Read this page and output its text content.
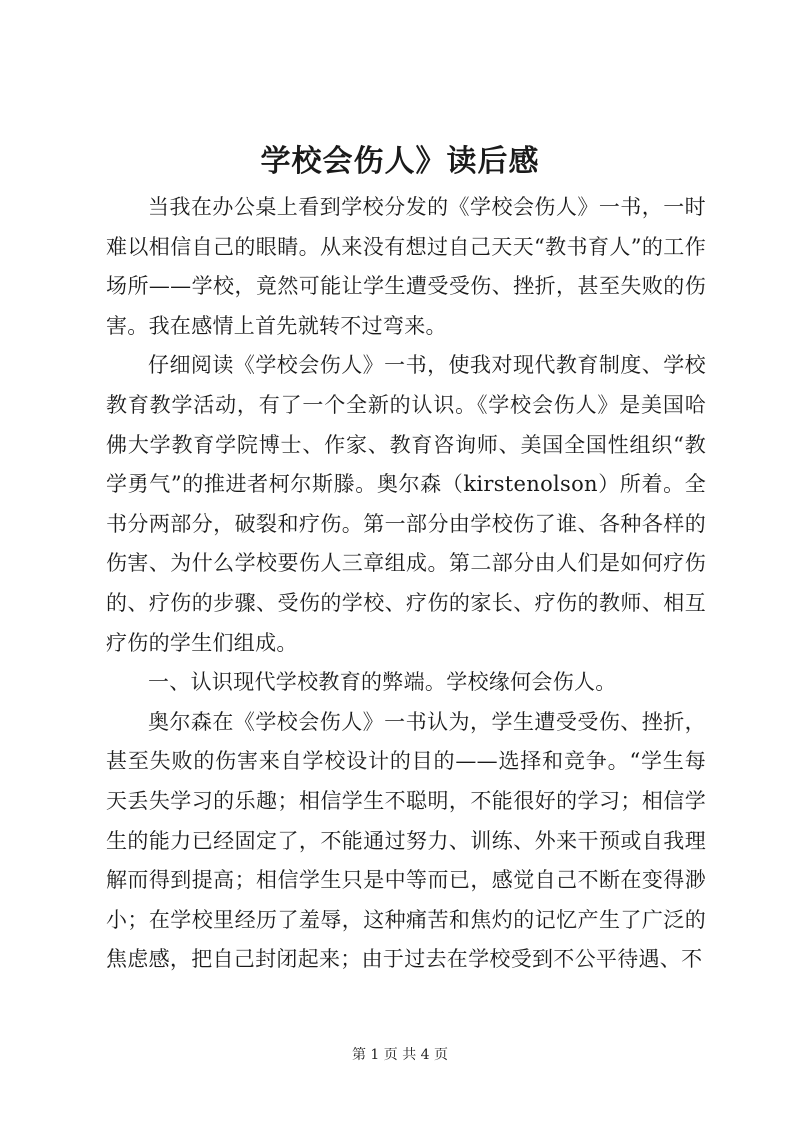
学校会伤人》读后感

当我在办公桌上看到学校分发的《学校会伤人》一书，一时难以相信自己的眼睛。从来没有想过自己天天“教书育人”的工作场所——学校，竟然可能让学生遭受受伤、挫折，甚至失败的伤害。我在感情上首先就转不过弯来。

仔细阅读《学校会伤人》一书，使我对现代教育制度、学校教育教学活动，有了一个全新的认识。《学校会伤人》是美国哈佛大学教育学院博士、作家、教育咨询师、美国全国性组织“教学勇气”的推进者柯尔斯滕。奥尔森（kirstenolson）所着。全书分两部分，破裂和疗伤。第一部分由学校伤了谁、各种各样的伤害、为什么学校要伤人三章组成。第二部分由人们是如何疗伤的、疗伤的步骤、受伤的学校、疗伤的家长、疗伤的教师、相互疗伤的学生们组成。

一、认识现代学校教育的弊端。学校缘何会伤人。

奥尔森在《学校会伤人》一书认为，学生遭受受伤、挫折，甚至失败的伤害来自学校设计的目的——选择和竞争。“学生每天丢失学习的乐趣；相信学生不聪明，不能很好的学习；相信学生的能力已经固定了，不能通过努力、训练、外来干预或自我理解而得到提高；相信学生只是中等而已，感觉自己不断在变得渺小；在学校里经历了羞辱，这种痛苦和焦灼的记忆产生了广泛的焦虑感，把自己封闭起来；由于过去在学校受到不公平待遇、不

第 1 页 共 4 页
